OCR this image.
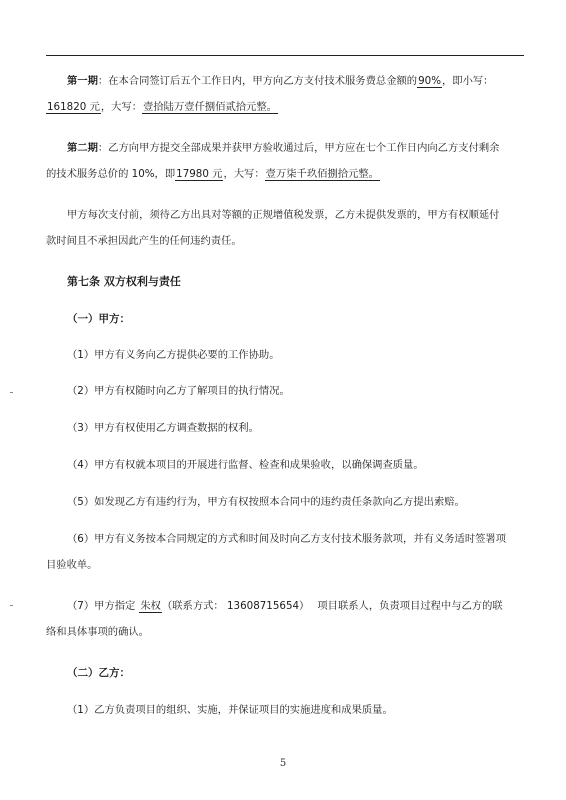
第一期：在本合同签订后五个工作日内，甲方向乙方支付技术服务费总金额的90%，即小写：
161820 元，大写：壹拾陆万壹仟捌佰贰拾元整。
第二期：乙方向甲方提交全部成果并获甲方验收通过后，甲方应在七个工作日内向乙方支付剩余
的技术服务总价的 10%，即17980 元，大写：壹万柒千玖佰捌拾元整。
甲方每次支付前，须待乙方出具对等额的正规增值税发票，乙方未提供发票的，甲方有权顺延付
款时间且不承担因此产生的任何违约责任。
第七条 双方权利与责任
（一）甲方：
（1）甲方有义务向乙方提供必要的工作协助。
（2）甲方有权随时向乙方了解项目的执行情况。
（3）甲方有权使用乙方调查数据的权利。
（4）甲方有权就本项目的开展进行监督、检查和成果验收，以确保调查质量。
（5）如发现乙方有违约行为，甲方有权按照本合同中的违约责任条款向乙方提出索赔。
（6）甲方有义务按本合同规定的方式和时间及时向乙方支付技术服务款项，并有义务适时签署项
目验收单。
（7）甲方指定 朱权（联系方式： 13608715654） 项目联系人，负责项目过程中与乙方的联
络和具体事项的确认。
（二）乙方：
（1）乙方负责项目的组织、实施，并保证项目的实施进度和成果质量。
5
